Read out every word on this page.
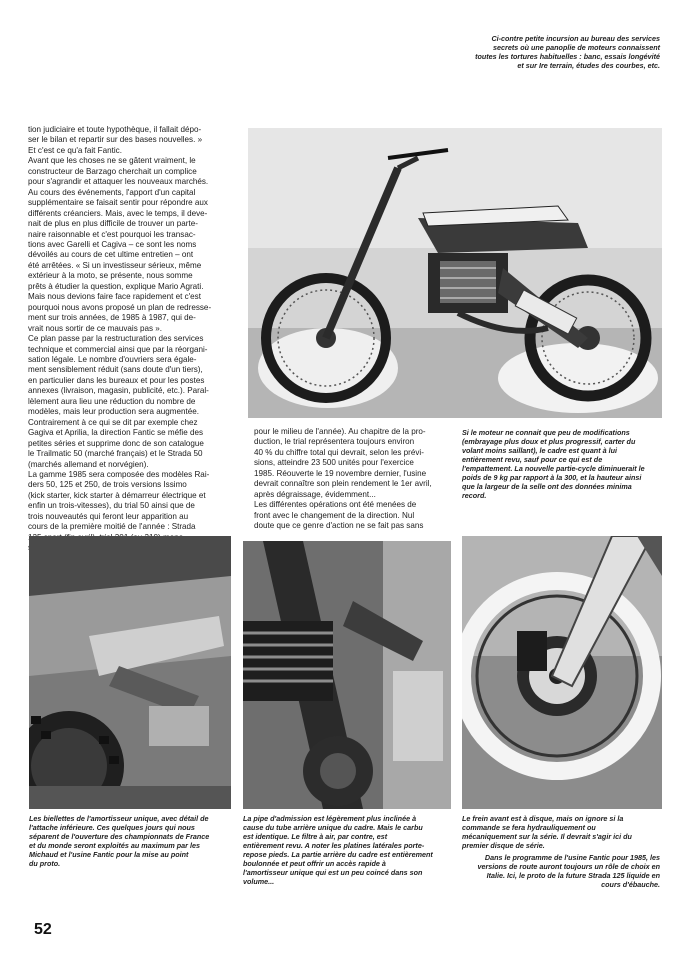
Ci-contre petite incursion au bureau des services
secrets où une panoplie de moteurs connaissent
toutes les tortures habituelles : banc, essais longévité
et sur Ire terrain, études des courbes, etc.

tion judiciaire et toute hypothèque, il fallait dépo-
ser le bilan et repartir sur des bases nouvelles. »
Et c'est ce qu'a fait Fantic.
Avant que les choses ne se gâtent vraiment, le
constructeur de Barzago cherchait un complice
pour s'agrandir et attaquer les nouveaux marchés.
Au cours des événements, l'apport d'un capital
supplémentaire se faisait sentir pour répondre aux
différents créanciers. Mais, avec le temps, il deve-
nait de plus en plus difficile de trouver un parte-
naire raisonnable et c'est pourquoi les transac-
tions avec Garelli et Cagiva – ce sont les noms
dévoilés au cours de cet ultime entretien – ont
été arrêtées. « Si un investisseur sérieux, même
extérieur à la moto, se présente, nous somme
prêts à étudier la question, explique Mario Agrati.
Mais nous devions faire face rapidement et c'est
pourquoi nous avons proposé un plan de redresse-
ment sur trois années, de 1985 à 1987, qui de-
vrait nous sortir de ce mauvais pas ».
Ce plan passe par la restructuration des services
technique et commercial ainsi que par la réorgani-
sation légale. Le nombre d'ouvriers sera égale-
ment sensiblement réduit (sans doute d'un tiers),
en particulier dans les bureaux et pour les postes
annexes (livraison, magasin, publicité, etc.). Paral-
lèlement aura lieu une réduction du nombre de
modèles, mais leur production sera augmentée.
Contrairement à ce qui se dit par exemple chez
Gagiva et Aprilia, la direction Fantic se méfie des
petites séries et supprime donc de son catalogue
le Trailmatic 50 (marché français) et le Strada 50
(marchés allemand et norvégien).
La gamme 1985 sera composée des modèles Rai-
ders 50, 125 et 250, de trois versions Issimo
(kick starter, kick starter à démarreur électrique et
enfin un trois-vitesses), du trial 50 ainsi que de
trois nouveautés qui feront leur apparition au
cours de la première moitié de l'année : Strada

Si le moteur ne connait que peu de modifications
(embrayage plus doux et plus progressif, carter du
volant moins saillant), le cadre est quant à lui
entièrement revu, sauf pour ce qui est de
l'empattement. La nouvelle partie-cycle diminuerait le
poids de 9 kg par rapport à la 300, et la hauteur ainsi
que la largeur de la selle ont des données minima
record.

pour le milieu de l'année). Au chapitre de la pro-
duction, le trial représentera toujours environ
40 % du chiffre total qui devrait, selon les prévi-
sions, atteindre 23 500 unités pour l'exercice
1985. Réouverte le 19 novembre dernier, l'usine
devrait connaître son plein rendement le 1er avril,
après dégraissage, évidemment...
Les différentes opérations ont été menées de
front avec le changement de la direction. Nul
doute que ce genre d'action ne se fait pas sans

Les biellettes de l'amortisseur unique, avec détail de
l'attache inférieure. Ces quelques jours qui nous
séparent de l'ouverture des championnats de France
et du monde seront exploités au maximum par les
Michaud et l'usine Fantic pour la mise au point
du proto.

La pipe d'admission est légèrement plus inclinée à
cause du tube arrière unique du cadre. Mais le carbu
est identique. Le filtre à air, par contre, est
entièrement revu. A noter les platines latérales porte-
repose pieds. La partie arrière du cadre est entièrement
boulonnée et peut offrir un accès rapide à
l'amortisseur unique qui est un peu coincé dans son
volume...

Le frein avant est à disque, mais on ignore si la
commande se fera hydrauliquement ou
mécaniquement sur la série. Il devrait s'agir ici du
premier disque de série.

Dans le programme de l'usine Fantic pour 1985, les
versions de route auront toujours un rôle de choix en
Italie. Ici, le proto de la future Strada 125 liquide en
cours d'ébauche.

52
